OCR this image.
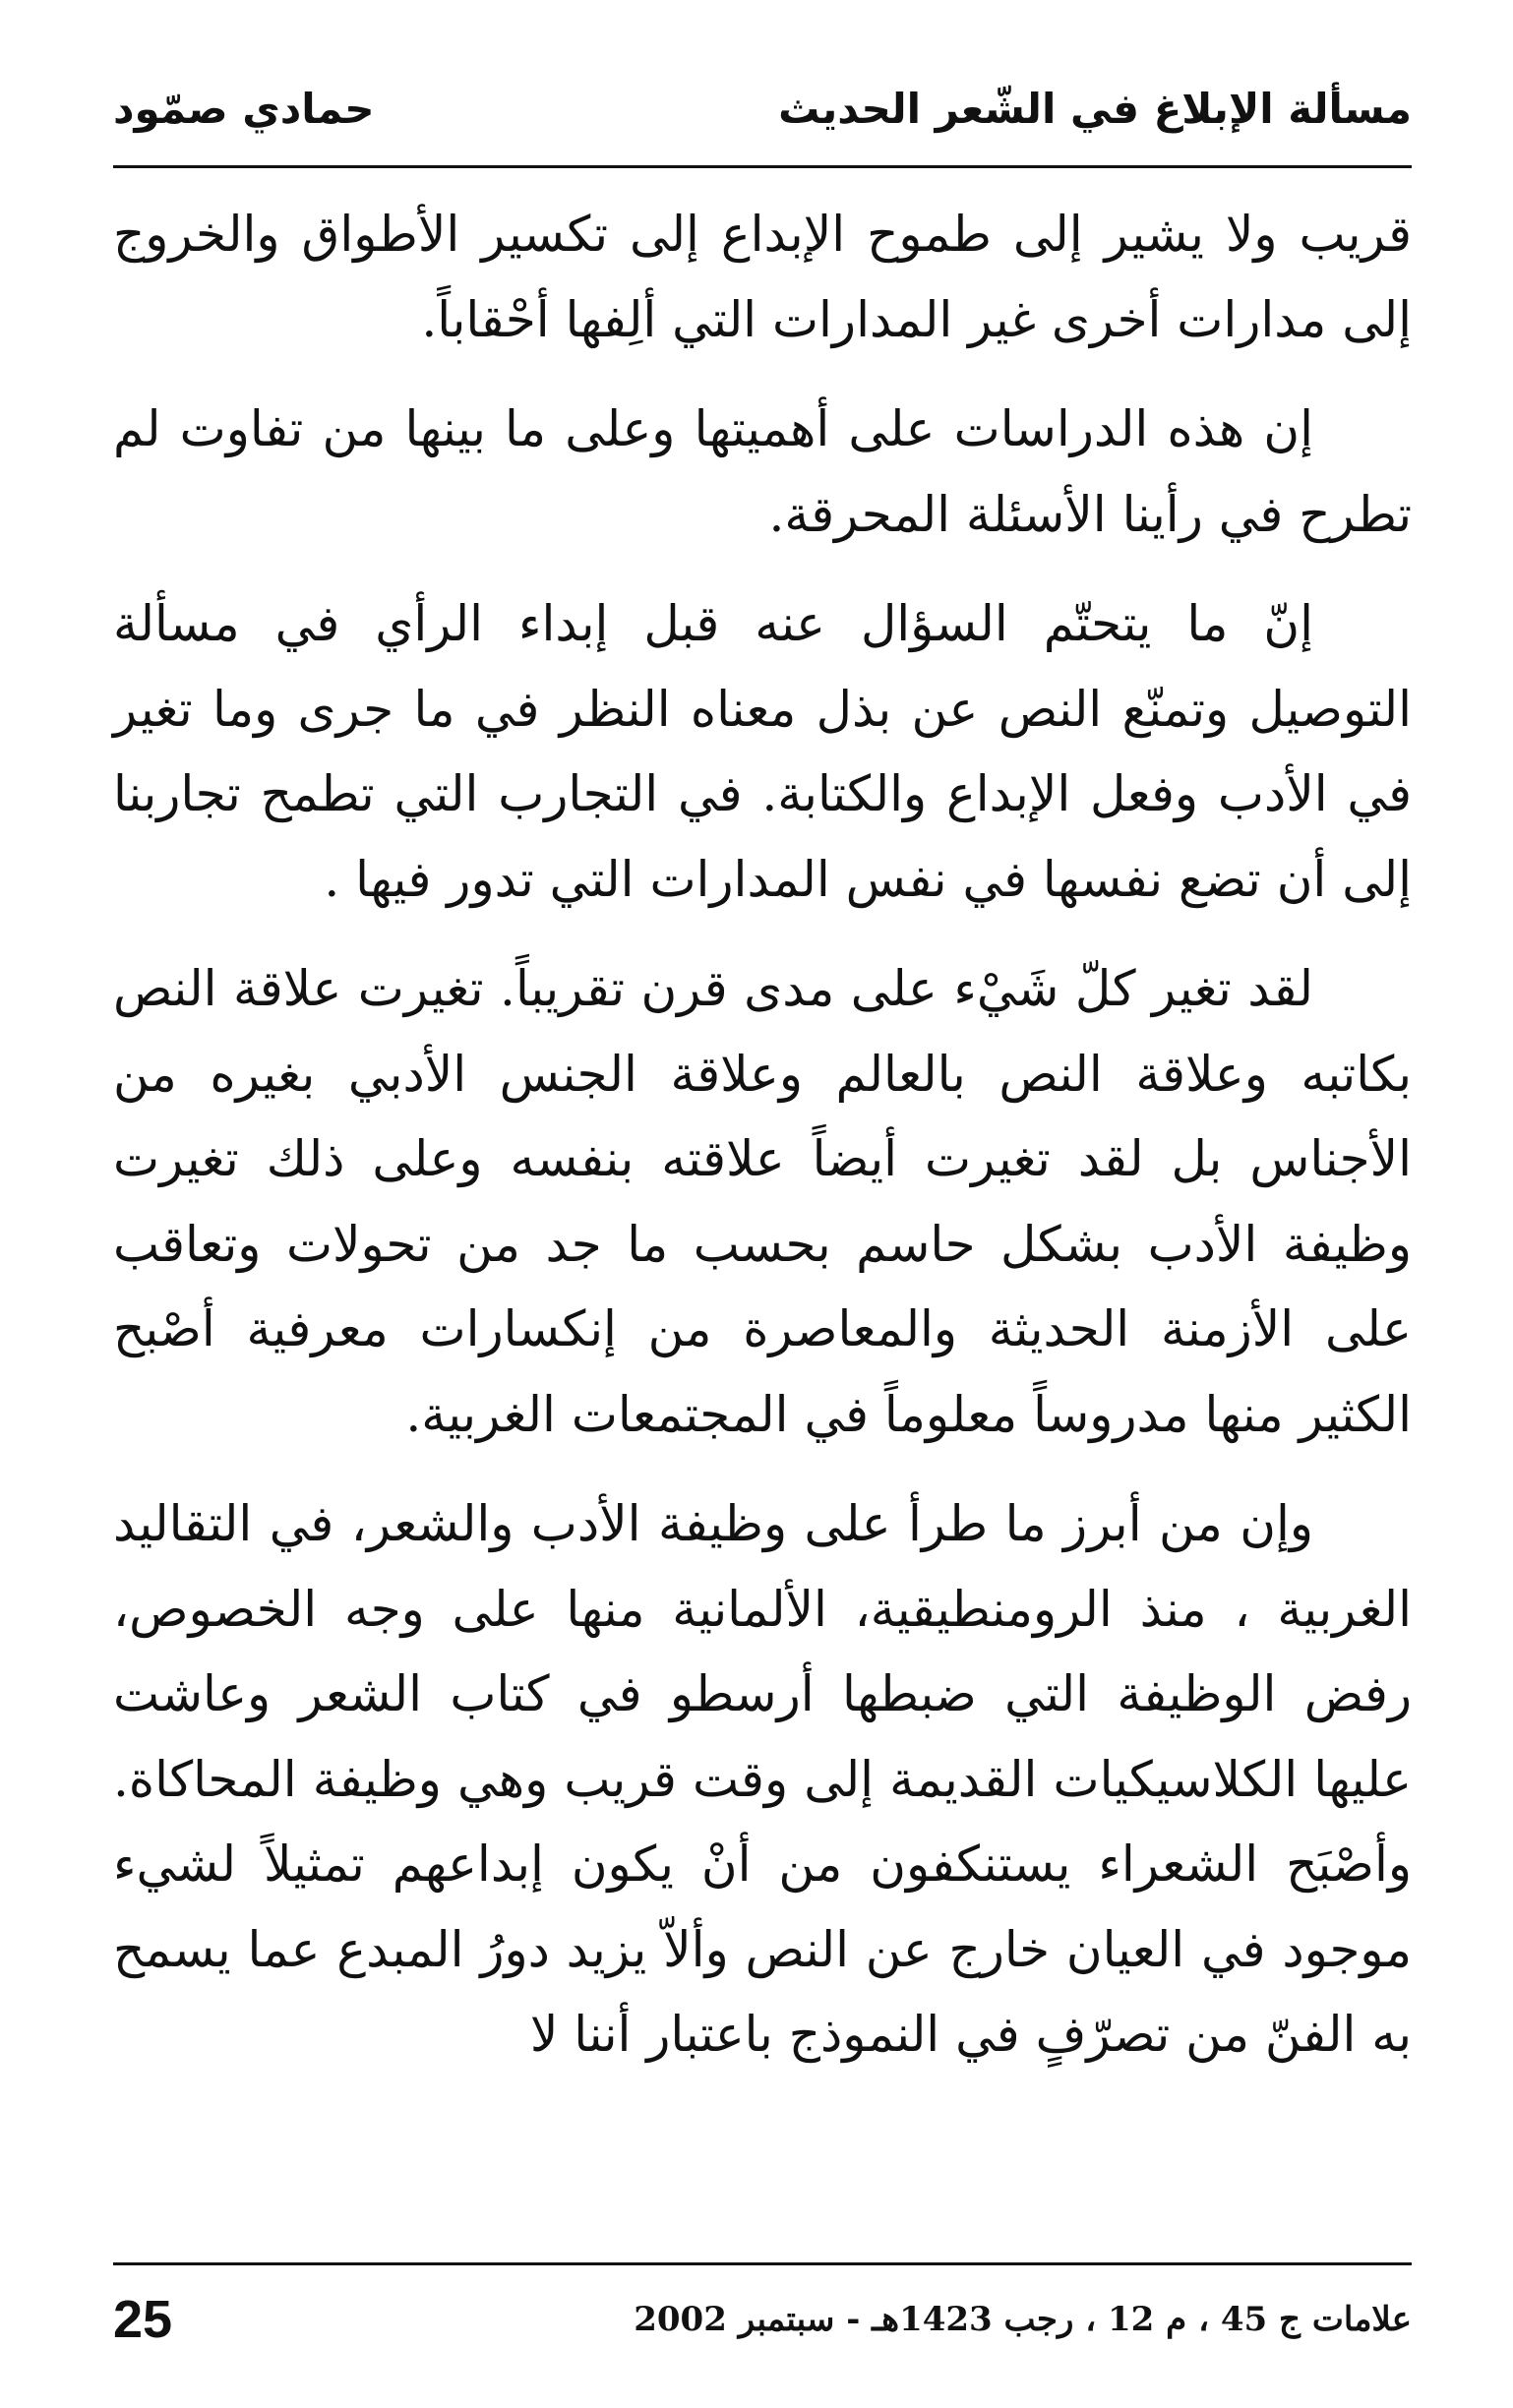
مسألة الإبلاغ في الشّعر الحديث
حمادي صمّود

قريب ولا يشير إلى طموح الإبداع إلى تكسير الأطواق والخروج إلى مدارات أخرى غير المدارات التي ألِفها أحْقاباً.

إن هذه الدراسات على أهميتها وعلى ما بينها من تفاوت لم تطرح في رأينا الأسئلة المحرقة.

إنّ ما يتحتّم السؤال عنه قبل إبداء الرأي في مسألة التوصيل وتمنّع النص عن بذل معناه النظر في ما جرى وما تغير في الأدب وفعل الإبداع والكتابة. في التجارب التي تطمح تجاربنا إلى أن تضع نفسها في نفس المدارات التي تدور فيها .

لقد تغير كلّ شَيْء على مدى قرن تقريباً. تغيرت علاقة النص بكاتبه وعلاقة النص بالعالم وعلاقة الجنس الأدبي بغيره من الأجناس بل لقد تغيرت أيضاً علاقته بنفسه وعلى ذلك تغيرت وظيفة الأدب بشكل حاسم بحسب ما جد من تحولات وتعاقب على الأزمنة الحديثة والمعاصرة من إنكسارات معرفية أصْبح الكثير منها مدروساً معلوماً في المجتمعات الغربية.

وإن من أبرز ما طرأ على وظيفة الأدب والشعر، في التقاليد الغربية ، منذ الرومنطيقية، الألمانية منها على وجه الخصوص، رفض الوظيفة التي ضبطها أرسطو في كتاب الشعر وعاشت عليها الكلاسيكيات القديمة إلى وقت قريب وهي وظيفة المحاكاة. وأصْبَح الشعراء يستنكفون من أنْ يكون إبداعهم تمثيلاً لشيء موجود في العيان خارج عن النص وألاّ يزيد دورُ المبدع عما يسمح به الفنّ من تصرّفٍ في النموذج باعتبار أننا لا

علامات ج 45 ، م 12 ، رجب 1423هـ - سبتمبر 2002
25
